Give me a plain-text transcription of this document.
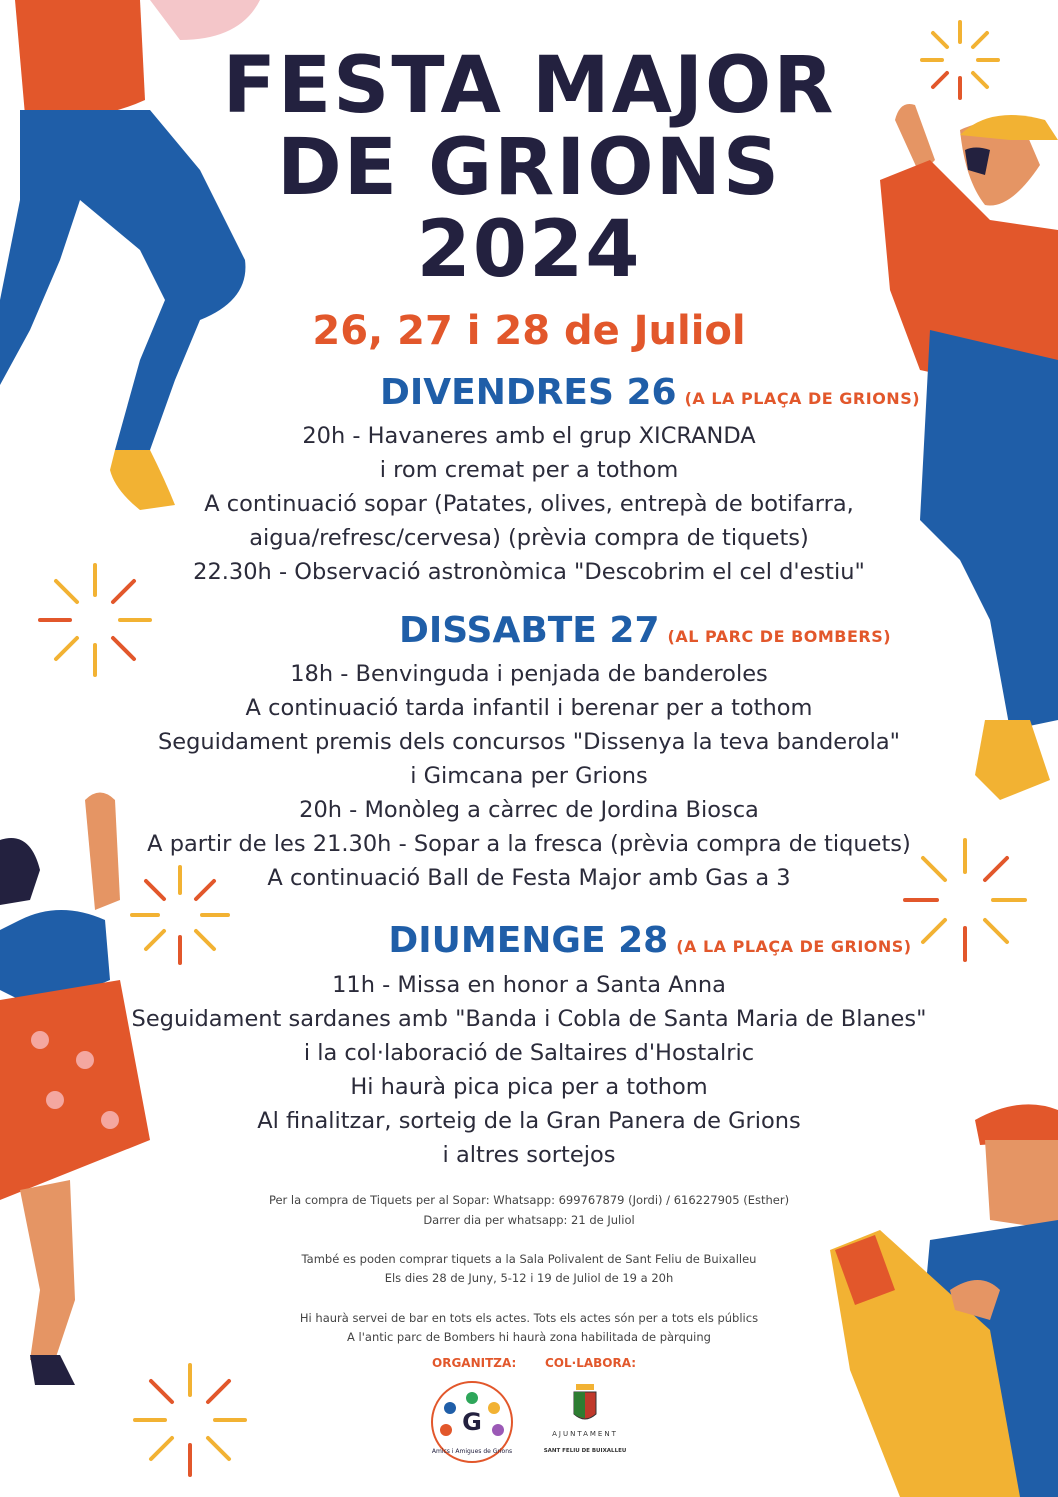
FESTA MAJOR
DE GRIONS
2024
26, 27 i 28 de Juliol
DIVENDRES 26 (A LA PLAÇA DE GRIONS)
20h - Havaneres amb el grup XICRANDA
i rom cremat per a tothom
A continuació sopar (Patates, olives, entrepà de botifarra,
aigua/refresc/cervesa) (prèvia compra de tiquets)
22.30h - Observació astronòmica "Descobrim el cel d'estiu"
DISSABTE 27 (AL PARC DE BOMBERS)
18h - Benvinguda i penjada de banderoles
A continuació tarda infantil i berenar per a tothom
Seguidament premis dels concursos "Dissenya la teva banderola"
i Gimcana per Grions
20h - Monòleg a càrrec de Jordina Biosca
A partir de les 21.30h - Sopar a la fresca (prèvia compra de tiquets)
A continuació Ball de Festa Major amb Gas a 3
DIUMENGE 28 (A LA PLAÇA DE GRIONS)
11h - Missa en honor a Santa Anna
Seguidament sardanes amb "Banda i Cobla de Santa Maria de Blanes"
i la col·laboració de Saltaires d'Hostalric
Hi haurà pica pica per a tothom
Al finalitzar, sorteig de la Gran Panera de Grions
i altres sortejos
Per la compra de Tiquets per al Sopar: Whatsapp: 699767879 (Jordi) / 616227905 (Esther)
Darrer dia per whatsapp: 21 de Juliol
També es poden comprar tiquets a la Sala Polivalent de Sant Feliu de Buixalleu
Els dies 28 de Juny, 5-12 i 19 de Juliol de 19 a 20h
Hi haurà servei de bar en tots els actes. Tots els actes són per a tots els públics
A l'antic parc de Bombers hi haurà zona habilitada de pàrquing
ORGANITZA: COL·LABORA:
G
Amics i Amigues de Grions
AJUNTAMENT
SANT FELIU DE BUIXALLEU
